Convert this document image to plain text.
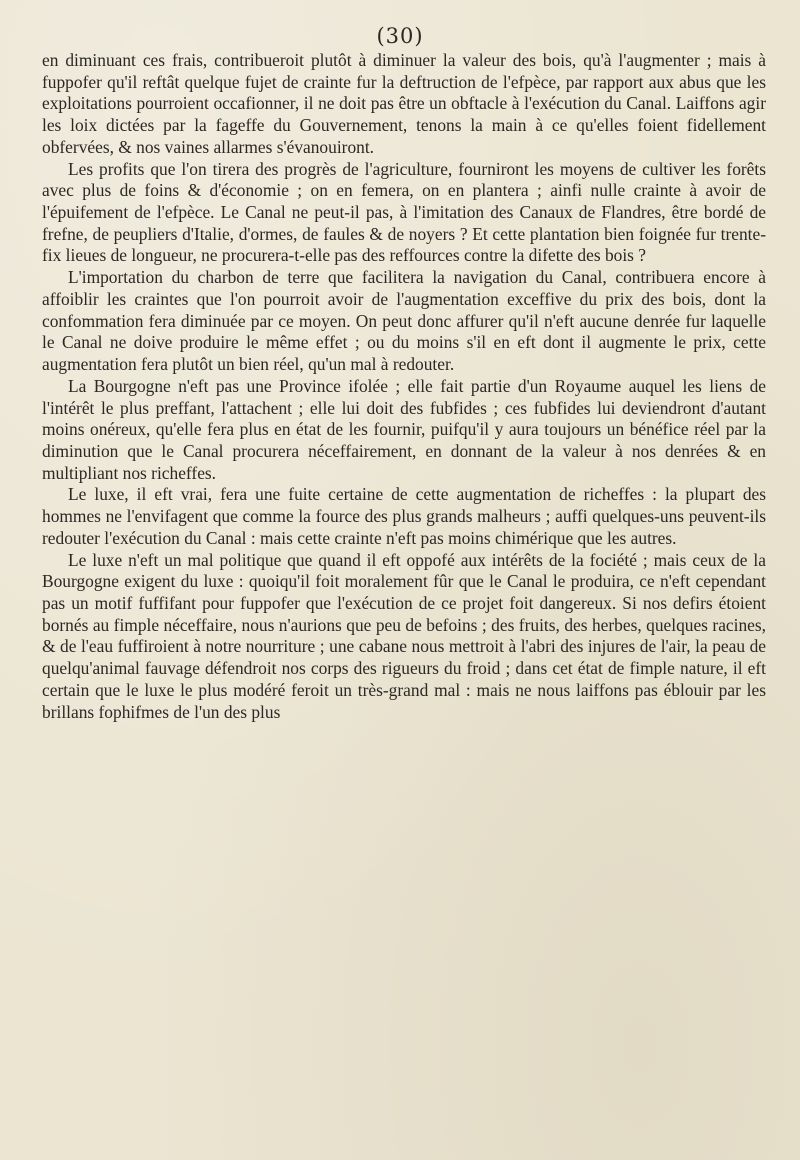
(30)

en diminuant ces frais, contribueroit plutôt à diminuer la valeur des bois, qu'à l'augmenter ; mais à fuppofer qu'il reftât quelque fujet de crainte fur la deftruction de l'efpèce, par rapport aux abus que les exploitations pourroient occafionner, il ne doit pas être un obftacle à l'exécution du Canal. Laiffons agir les loix dictées par la fageffe du Gouvernement, tenons la main à ce qu'elles foient fidellement obfervées, & nos vaines allarmes s'évanouiront.

Les profits que l'on tirera des progrès de l'agriculture, fourniront les moyens de cultiver les forêts avec plus de foins & d'économie ; on en femera, on en plantera ; ainfi nulle crainte à avoir de l'épuifement de l'efpèce. Le Canal ne peut-il pas, à l'imitation des Canaux de Flandres, être bordé de frefne, de peupliers d'Italie, d'ormes, de faules & de noyers ? Et cette plantation bien foignée fur trente-fix lieues de longueur, ne procurera-t-elle pas des reffources contre la difette des bois ?

L'importation du charbon de terre que facilitera la navigation du Canal, contribuera encore à affoiblir les craintes que l'on pourroit avoir de l'augmentation exceffive du prix des bois, dont la confommation fera diminuée par ce moyen. On peut donc affurer qu'il n'eft aucune denrée fur laquelle le Canal ne doive produire le même effet ; ou du moins s'il en eft dont il augmente le prix, cette augmentation fera plutôt un bien réel, qu'un mal à redouter.

La Bourgogne n'eft pas une Province ifolée ; elle fait partie d'un Royaume auquel les liens de l'intérêt le plus preffant, l'attachent ; elle lui doit des fubfides ; ces fubfides lui deviendront d'autant moins onéreux, qu'elle fera plus en état de les fournir, puifqu'il y aura toujours un bénéfice réel par la diminution que le Canal procurera néceffairement, en donnant de la valeur à nos denrées & en multipliant nos richeffes.

Le luxe, il eft vrai, fera une fuite certaine de cette augmentation de richeffes : la plupart des hommes ne l'envifagent que comme la fource des plus grands malheurs ; auffi quelques-uns peuvent-ils redouter l'exécution du Canal : mais cette crainte n'eft pas moins chimérique que les autres.

Le luxe n'eft un mal politique que quand il eft oppofé aux intérêts de la fociété ; mais ceux de la Bourgogne exigent du luxe : quoiqu'il foit moralement fûr que le Canal le produira, ce n'eft cependant pas un motif fuffifant pour fuppofer que l'exécution de ce projet foit dangereux. Si nos defirs étoient bornés au fimple néceffaire, nous n'aurions que peu de befoins ; des fruits, des herbes, quelques racines, & de l'eau fuffiroient à notre nourriture ; une cabane nous mettroit à l'abri des injures de l'air, la peau de quelqu'animal fauvage défendroit nos corps des rigueurs du froid ; dans cet état de fimple nature, il eft certain que le luxe le plus modéré feroit un très-grand mal : mais ne nous laiffons pas éblouir par les brillans fophifmes de l'un des plus
